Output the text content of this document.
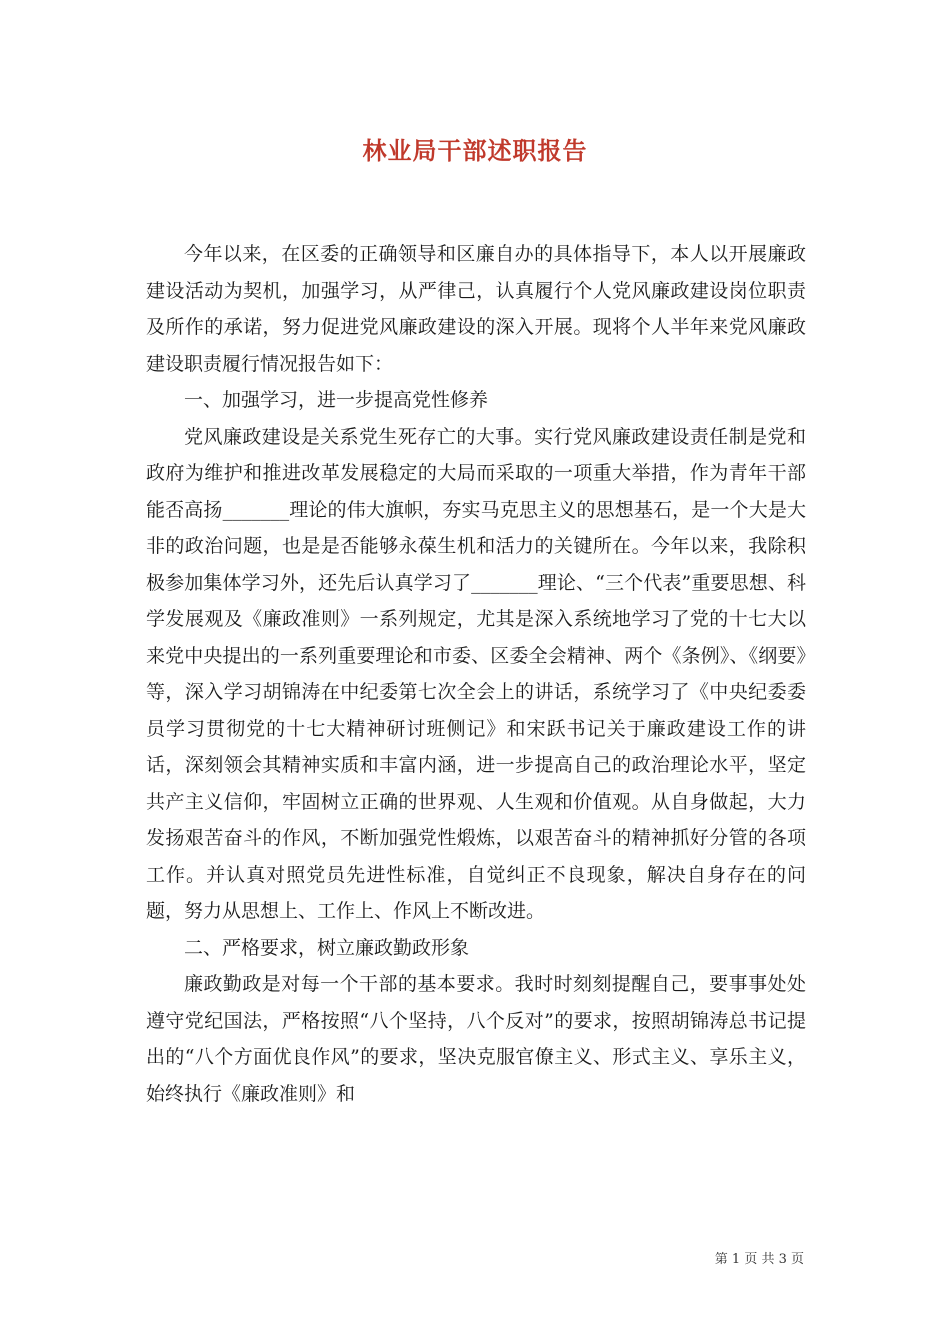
林业局干部述职报告

今年以来，在区委的正确领导和区廉自办的具体指导下，本人以开展廉政建设活动为契机，加强学习，从严律己，认真履行个人党风廉政建设岗位职责及所作的承诺，努力促进党风廉政建设的深入开展。现将个人半年来党风廉政建设职责履行情况报告如下：

一、加强学习，进一步提高党性修养

党风廉政建设是关系党生死存亡的大事。实行党风廉政建设责任制是党和政府为维护和推进改革发展稳定的大局而采取的一项重大举措，作为青年干部能否高扬_______理论的伟大旗帜，夯实马克思主义的思想基石，是一个大是大非的政治问题，也是是否能够永葆生机和活力的关键所在。今年以来，我除积极参加集体学习外，还先后认真学习了_______理论、“三个代表”重要思想、科学发展观及《廉政准则》一系列规定，尤其是深入系统地学习了党的十七大以来党中央提出的一系列重要理论和市委、区委全会精神、两个《条例》、《纲要》等，深入学习胡锦涛在中纪委第七次全会上的讲话，系统学习了《中央纪委委员学习贯彻党的十七大精神研讨班侧记》和宋跃书记关于廉政建设工作的讲话，深刻领会其精神实质和丰富内涵，进一步提高自己的政治理论水平，坚定共产主义信仰，牢固树立正确的世界观、人生观和价值观。从自身做起，大力发扬艰苦奋斗的作风，不断加强党性煅炼，以艰苦奋斗的精神抓好分管的各项工作。并认真对照党员先进性标准，自觉纠正不良现象，解决自身存在的问题，努力从思想上、工作上、作风上不断改进。

二、严格要求，树立廉政勤政形象

廉政勤政是对每一个干部的基本要求。我时时刻刻提醒自己，要事事处处遵守党纪国法，严格按照“八个坚持，八个反对”的要求，按照胡锦涛总书记提出的“八个方面优良作风”的要求，坚决克服官僚主义、形式主义、享乐主义，始终执行《廉政准则》和

第 1 页 共 3 页
